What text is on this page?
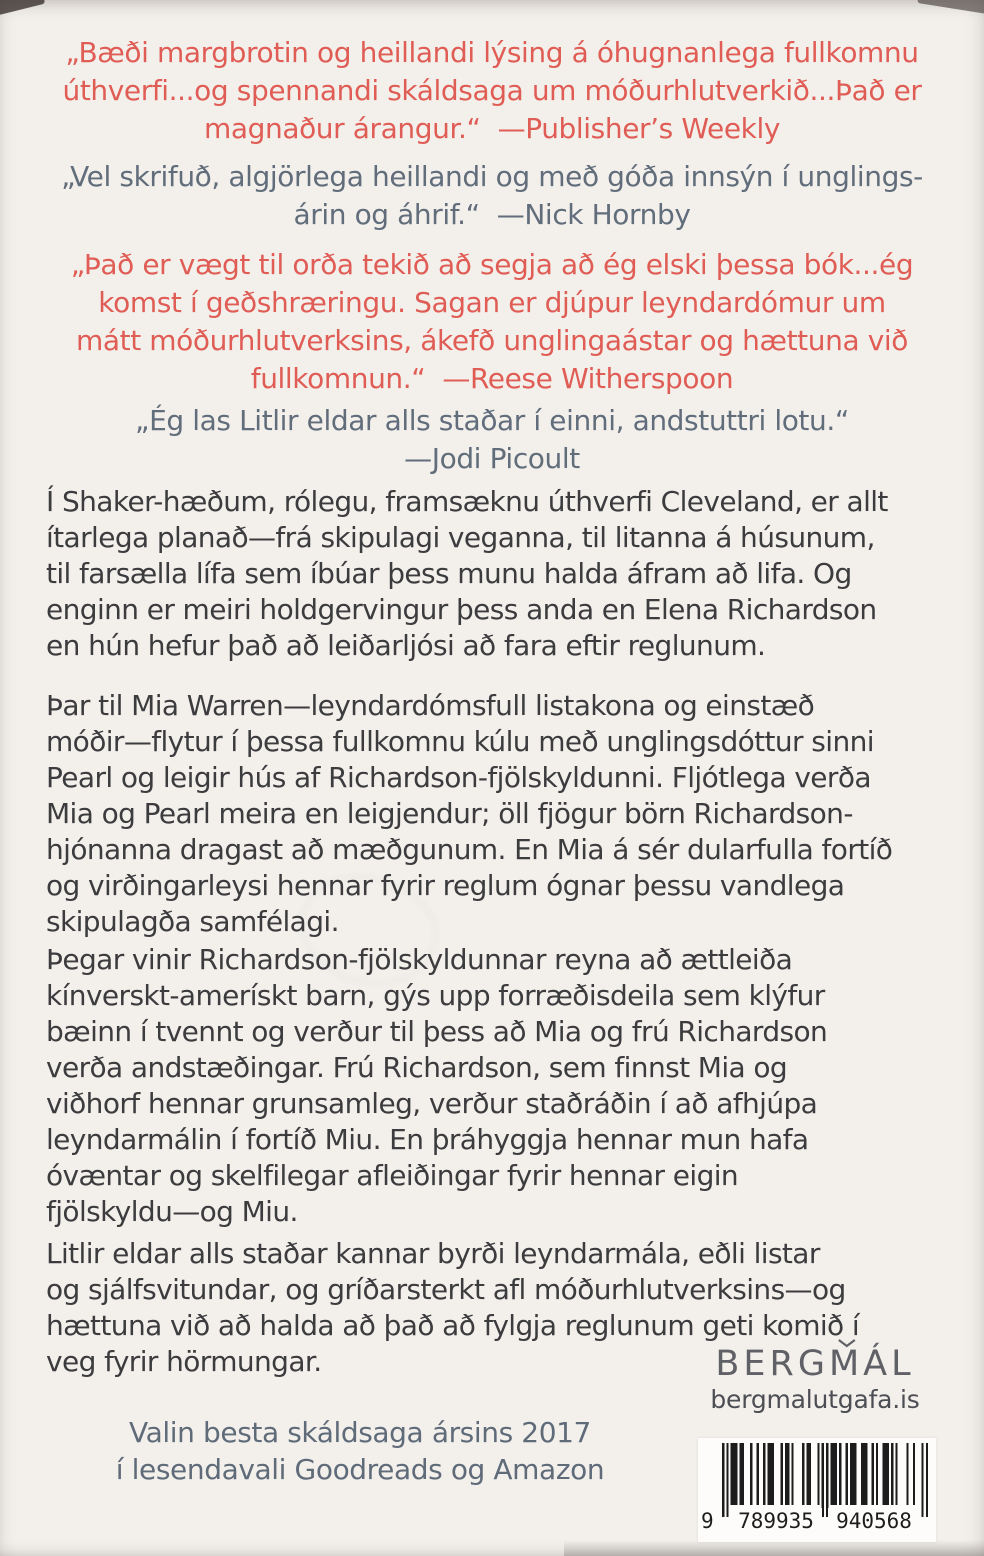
„Bæði margbrotin og heillandi lýsing á óhugnanlega fullkomnu
úthverfi...og spennandi skáldsaga um móðurhlutverkið...Það er
magnaður árangur.“  —Publisher’s Weekly
„Vel skrifuð, algjörlega heillandi og með góða innsýn í unglings-
árin og áhrif.“  —Nick Hornby
„Það er vægt til orða tekið að segja að ég elski þessa bók...ég
komst í geðshræringu. Sagan er djúpur leyndardómur um
mátt móðurhlutverksins, ákefð unglingaástar og hættuna við
fullkomnun.“  —Reese Witherspoon
„Ég las Litlir eldar alls staðar í einni, andstuttri lotu.“
—Jodi Picoult
Í Shaker-hæðum, rólegu, framsæknu úthverfi Cleveland, er allt
ítarlega planað—frá skipulagi veganna, til litanna á húsunum,
til farsælla lífa sem íbúar þess munu halda áfram að lifa. Og
enginn er meiri holdgervingur þess anda en Elena Richardson
en hún hefur það að leiðarljósi að fara eftir reglunum.
Þar til Mia Warren—leyndardómsfull listakona og einstæð
móðir—flytur í þessa fullkomnu kúlu með unglingsdóttur sinni
Pearl og leigir hús af Richardson-fjölskyldunni. Fljótlega verða
Mia og Pearl meira en leigjendur; öll fjögur börn Richardson-
hjónanna dragast að mæðgunum. En Mia á sér dularfulla fortíð
og virðingarleysi hennar fyrir reglum ógnar þessu vandlega
skipulagða samfélagi.
Þegar vinir Richardson-fjölskyldunnar reyna að ættleiða
kínverskt-amerískt barn, gýs upp forræðisdeila sem klýfur
bæinn í tvennt og verður til þess að Mia og frú Richardson
verða andstæðingar. Frú Richardson, sem finnst Mia og
viðhorf hennar grunsamleg, verður staðráðin í að afhjúpa
leyndarmálin í fortíð Miu. En þráhyggja hennar mun hafa
óvæntar og skelfilegar afleiðingar fyrir hennar eigin
fjölskyldu—og Miu.
Litlir eldar alls staðar kannar byrði leyndarmála, eðli listar
og sjálfsvitundar, og gríðarsterkt afl móðurhlutverksins—og
hættuna við að halda að það að fylgja reglunum geti komið í
veg fyrir hörmungar.
Valin besta skáldsaga ársins 2017
í lesendavali Goodreads og Amazon
BERGM
ÁL
bergmalutgafa.is
9	789935	940568
